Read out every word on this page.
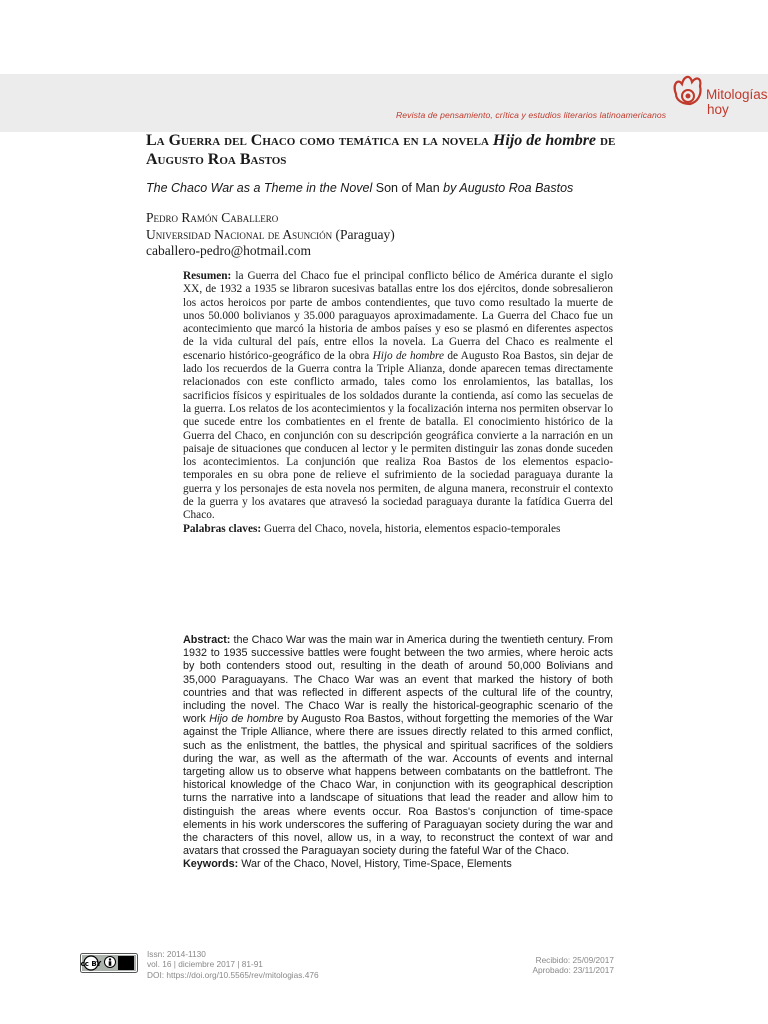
Revista de pensamiento, crítica y estudios literarios latinoamericanos
Mitologías
hoy
La Guerra del Chaco como temática en la novela Hijo de hombre de Augusto Roa Bastos
The Chaco War as a Theme in the Novel Son of Man by Augusto Roa Bastos
Pedro Ramón Caballero
Universidad Nacional de Asunción (Paraguay)
caballero-pedro@hotmail.com
Resumen: la Guerra del Chaco fue el principal conflicto bélico de América durante el siglo XX, de 1932 a 1935 se libraron sucesivas batallas entre los dos ejércitos, donde sobresalieron los actos heroicos por parte de ambos contendientes, que tuvo como resultado la muerte de unos 50.000 bolivianos y 35.000 paraguayos aproximadamente. La Guerra del Chaco fue un acontecimiento que marcó la historia de ambos países y eso se plasmó en diferentes aspectos de la vida cultural del país, entre ellos la novela. La Guerra del Chaco es realmente el escenario histórico-geográfico de la obra Hijo de hombre de Augusto Roa Bastos, sin dejar de lado los recuerdos de la Guerra contra la Triple Alianza, donde aparecen temas directamente relacionados con este conflicto armado, tales como los enrolamientos, las batallas, los sacrificios físicos y espirituales de los soldados durante la contienda, así como las secuelas de la guerra. Los relatos de los acontecimientos y la focalización interna nos permiten observar lo que sucede entre los combatientes en el frente de batalla. El conocimiento histórico de la Guerra del Chaco, en conjunción con su descripción geográfica convierte a la narración en un paisaje de situaciones que conducen al lector y le permiten distinguir las zonas donde suceden los acontecimientos. La conjunción que realiza Roa Bastos de los elementos espacio-temporales en su obra pone de relieve el sufrimiento de la sociedad paraguaya durante la guerra y los personajes de esta novela nos permiten, de alguna manera, reconstruir el contexto de la guerra y los avatares que atravesó la sociedad paraguaya durante la fatídica Guerra del Chaco.
Palabras claves: Guerra del Chaco, novela, historia, elementos espacio-temporales
Abstract: the Chaco War was the main war in America during the twentieth century. From 1932 to 1935 successive battles were fought between the two armies, where heroic acts by both contenders stood out, resulting in the death of around 50,000 Bolivians and 35,000 Paraguayans. The Chaco War was an event that marked the history of both countries and that was reflected in different aspects of the cultural life of the country, including the novel. The Chaco War is really the historical-geographic scenario of the work Hijo de hombre by Augusto Roa Bastos, without forgetting the memories of the War against the Triple Alliance, where there are issues directly related to this armed conflict, such as the enlistment, the battles, the physical and spiritual sacrifices of the soldiers during the war, as well as the aftermath of the war. Accounts of events and internal targeting allow us to observe what happens between combatants on the battlefront. The historical knowledge of the Chaco War, in conjunction with its geographical description turns the narrative into a landscape of situations that lead the reader and allow him to distinguish the areas where events occur. Roa Bastos's conjunction of time-space elements in his work underscores the suffering of Paraguayan society during the war and the characters of this novel, allow us, in a way, to reconstruct the context of war and avatars that crossed the Paraguayan society during the fateful War of the Chaco.
Keywords: War of the Chaco, Novel, History, Time-Space, Elements
cc BY
Issn: 2014-1130
vol. 16 | diciembre 2017 | 81-91
DOI: https://doi.org/10.5565/rev/mitologias.476
Recibido: 25/09/2017
Aprobado: 23/11/2017
